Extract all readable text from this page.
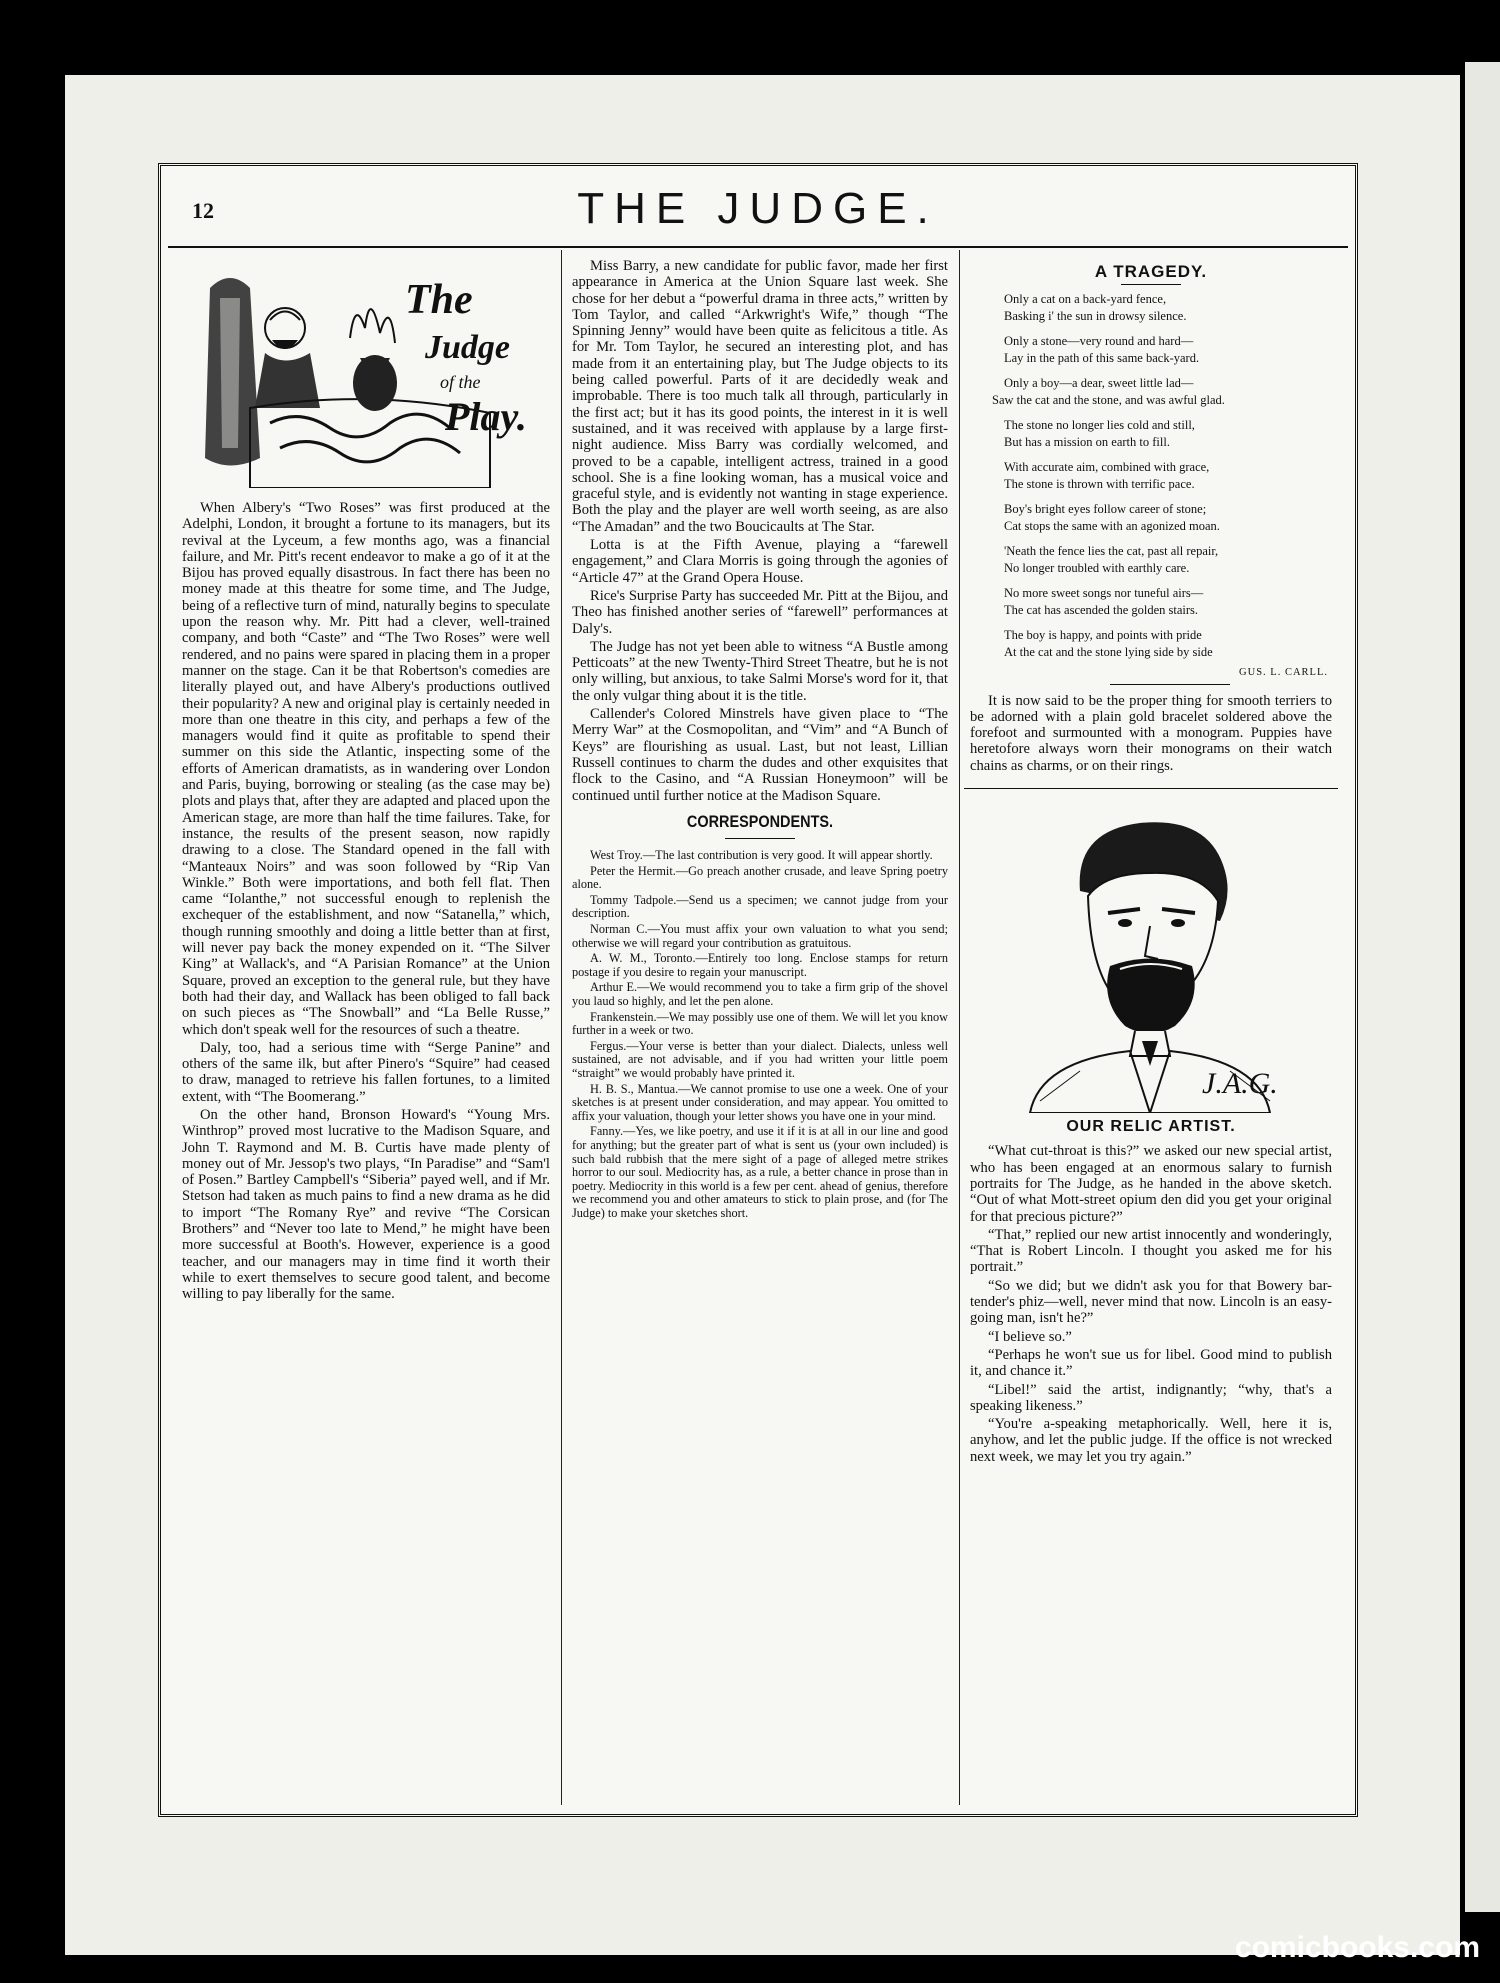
12	THE JUDGE.
The
Judge
of the
Play.

When Albery's “Two Roses” was first produced at the Adelphi, London, it brought a fortune to its managers, but its revival at the Lyceum, a few months ago, was a financial failure, and Mr. Pitt's recent endeavor to make a go of it at the Bijou has proved equally disastrous. In fact there has been no money made at this theatre for some time, and The Judge, being of a reflective turn of mind, naturally begins to speculate upon the reason why. Mr. Pitt had a clever, well-trained company, and both “Caste” and “The Two Roses” were well rendered, and no pains were spared in placing them in a proper manner on the stage. Can it be that Robertson's comedies are literally played out, and have Albery's productions outlived their popularity? A new and original play is certainly needed in more than one theatre in this city, and perhaps a few of the managers would find it quite as profitable to spend their summer on this side the Atlantic, inspecting some of the efforts of American dramatists, as in wandering over London and Paris, buying, borrowing or stealing (as the case may be) plots and plays that, after they are adapted and placed upon the American stage, are more than half the time failures. Take, for instance, the results of the present season, now rapidly drawing to a close. The Standard opened in the fall with “Manteaux Noirs” and was soon followed by “Rip Van Winkle.” Both were importations, and both fell flat. Then came “Iolanthe,” not successful enough to replenish the exchequer of the establishment, and now “Satanella,” which, though running smoothly and doing a little better than at first, will never pay back the money expended on it. “The Silver King” at Wallack's, and “A Parisian Romance” at the Union Square, proved an exception to the general rule, but they have both had their day, and Wallack has been obliged to fall back on such pieces as “The Snowball” and “La Belle Russe,” which don't speak well for the resources of such a theatre.

Daly, too, had a serious time with “Serge Panine” and others of the same ilk, but after Pinero's “Squire” had ceased to draw, managed to retrieve his fallen fortunes, to a limited extent, with “The Boomerang.”

On the other hand, Bronson Howard's “Young Mrs. Winthrop” proved most lucrative to the Madison Square, and John T. Raymond and M. B. Curtis have made plenty of money out of Mr. Jessop's two plays, “In Paradise” and “Sam'l of Posen.” Bartley Campbell's “Siberia” payed well, and if Mr. Stetson had taken as much pains to find a new drama as he did to import “The Romany Rye” and revive “The Corsican Brothers” and “Never too late to Mend,” he might have been more successful at Booth's. However, experience is a good teacher, and our managers may in time find it worth their while to exert themselves to secure good talent, and become willing to pay liberally for the same.

Miss Barry, a new candidate for public favor, made her first appearance in America at the Union Square last week. She chose for her debut a “powerful drama in three acts,” written by Tom Taylor, and called “Arkwright's Wife,” though “The Spinning Jenny” would have been quite as felicitous a title. As for Mr. Tom Taylor, he secured an interesting plot, and has made from it an entertaining play, but The Judge objects to its being called powerful. Parts of it are decidedly weak and improbable. There is too much talk all through, particularly in the first act; but it has its good points, the interest in it is well sustained, and it was received with applause by a large first-night audience. Miss Barry was cordially welcomed, and proved to be a capable, intelligent actress, trained in a good school. She is a fine looking woman, has a musical voice and graceful style, and is evidently not wanting in stage experience. Both the play and the player are well worth seeing, as are also “The Amadan” and the two Boucicaults at The Star.

Lotta is at the Fifth Avenue, playing a “farewell engagement,” and Clara Morris is going through the agonies of “Article 47” at the Grand Opera House.

Rice's Surprise Party has succeeded Mr. Pitt at the Bijou, and Theo has finished another series of “farewell” performances at Daly's.

The Judge has not yet been able to witness “A Bustle among Petticoats” at the new Twenty-Third Street Theatre, but he is not only willing, but anxious, to take Salmi Morse's word for it, that the only vulgar thing about it is the title.

Callender's Colored Minstrels have given place to “The Merry War” at the Cosmopolitan, and “Vim” and “A Bunch of Keys” are flourishing as usual. Last, but not least, Lillian Russell continues to charm the dudes and other exquisites that flock to the Casino, and “A Russian Honeymoon” will be continued until further notice at the Madison Square.

CORRESPONDENTS.

West Troy.—The last contribution is very good. It will appear shortly.

Peter the Hermit.—Go preach another crusade, and leave Spring poetry alone.

Tommy Tadpole.—Send us a specimen; we cannot judge from your description.

Norman C.—You must affix your own valuation to what you send; otherwise we will regard your contribution as gratuitous.

A. W. M., Toronto.—Entirely too long. Enclose stamps for return postage if you desire to regain your manuscript.

Arthur E.—We would recommend you to take a firm grip of the shovel you laud so highly, and let the pen alone.

Frankenstein.—We may possibly use one of them. We will let you know further in a week or two.

Fergus.—Your verse is better than your dialect. Dialects, unless well sustained, are not advisable, and if you had written your little poem “straight” we would probably have printed it.

H. B. S., Mantua.—We cannot promise to use one a week. One of your sketches is at present under consideration, and may appear. You omitted to affix your valuation, though your letter shows you have one in your mind.

Fanny.—Yes, we like poetry, and use it if it is at all in our line and good for anything; but the greater part of what is sent us (your own included) is such bald rubbish that the mere sight of a page of alleged metre strikes horror to our soul. Mediocrity has, as a rule, a better chance in prose than in poetry. Mediocrity in this world is a few per cent. ahead of genius, therefore we recommend you and other amateurs to stick to plain prose, and (for The Judge) to make your sketches short.

A TRAGEDY.
Only a cat on a back-yard fence,
Basking i' the sun in drowsy silence.
Only a stone—very round and hard—
Lay in the path of this same back-yard.
Only a boy—a dear, sweet little lad—
Saw the cat and the stone, and was awful glad.
The stone no longer lies cold and still,
But has a mission on earth to fill.
With accurate aim, combined with grace,
The stone is thrown with terrific pace.
Boy's bright eyes follow career of stone;
Cat stops the same with an agonized moan.
'Neath the fence lies the cat, past all repair,
No longer troubled with earthly care.
No more sweet songs nor tuneful airs—
The cat has ascended the golden stairs.
The boy is happy, and points with pride
At the cat and the stone lying side by side
GUS. L. CARLL.

It is now said to be the proper thing for smooth terriers to be adorned with a plain gold bracelet soldered above the forefoot and surmounted with a monogram. Puppies have heretofore always worn their monograms on their watch chains as charms, or on their rings.

J.A.G.
OUR RELIC ARTIST.

“What cut-throat is this?” we asked our new special artist, who has been engaged at an enormous salary to furnish portraits for The Judge, as he handed in the above sketch. “Out of what Mott-street opium den did you get your original for that precious picture?”

“That,” replied our new artist innocently and wonderingly, “That is Robert Lincoln. I thought you asked me for his portrait.”

“So we did; but we didn't ask you for that Bowery bar-tender's phiz—well, never mind that now. Lincoln is an easy-going man, isn't he?”

“I believe so.”

“Perhaps he won't sue us for libel. Good mind to publish it, and chance it.”

“Libel!” said the artist, indignantly; “why, that's a speaking likeness.”

“You're a-speaking metaphorically. Well, here it is, anyhow, and let the public judge. If the office is not wrecked next week, we may let you try again.”

comicbooks.com
